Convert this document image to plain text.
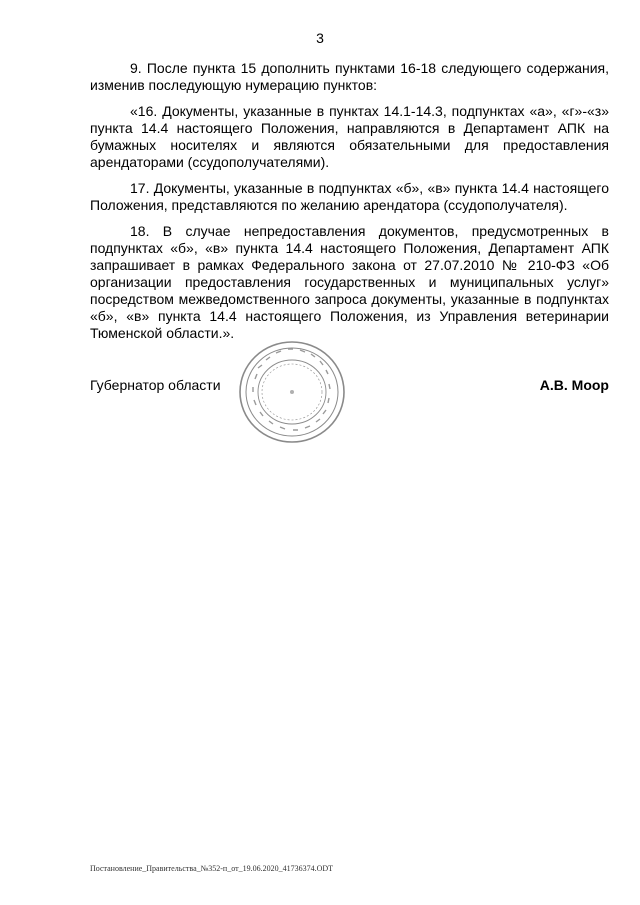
3

9. После пункта 15 дополнить пунктами 16-18 следующего содержания, изменив последующую нумерацию пунктов:

«16. Документы, указанные в пунктах 14.1-14.3, подпунктах «а», «г»-«з» пункта 14.4 настоящего Положения, направляются в Департамент АПК на бумажных носителях и являются обязательными для предоставления арендаторами (ссудополучателями).

17. Документы, указанные в подпунктах «б», «в» пункта 14.4 настоящего Положения, представляются по желанию арендатора (ссудополучателя).

18. В случае непредоставления документов, предусмотренных в подпунктах «б», «в» пункта 14.4 настоящего Положения, Департамент АПК запрашивает в рамках Федерального закона от 27.07.2010 № 210-ФЗ «Об организации предоставления государственных и муниципальных услуг» посредством межведомственного запроса документы, указанные в подпунктах «б», «в» пункта 14.4 настоящего Положения, из Управления ветеринарии Тюменской области.».

Губернатор области	А.В. Моор
Постановление_Правительства_№352-п_от_19.06.2020_41736374.ODT
